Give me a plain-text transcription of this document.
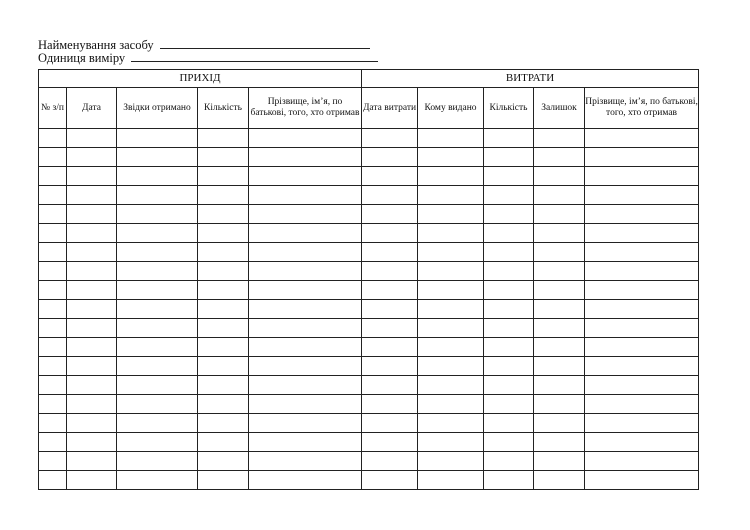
Найменування засобу
Одиниця виміру
ПРИХІД					ВИТРАТИ				
№ з/п	Дата	Звідки отримано	Кількість	Прізвище, ім’я, по батькові, того, хто отримав	Дата витрати	Кому видано	Кількість	Залишок	Прізвище, ім’я, по батькові, того, хто отримав
